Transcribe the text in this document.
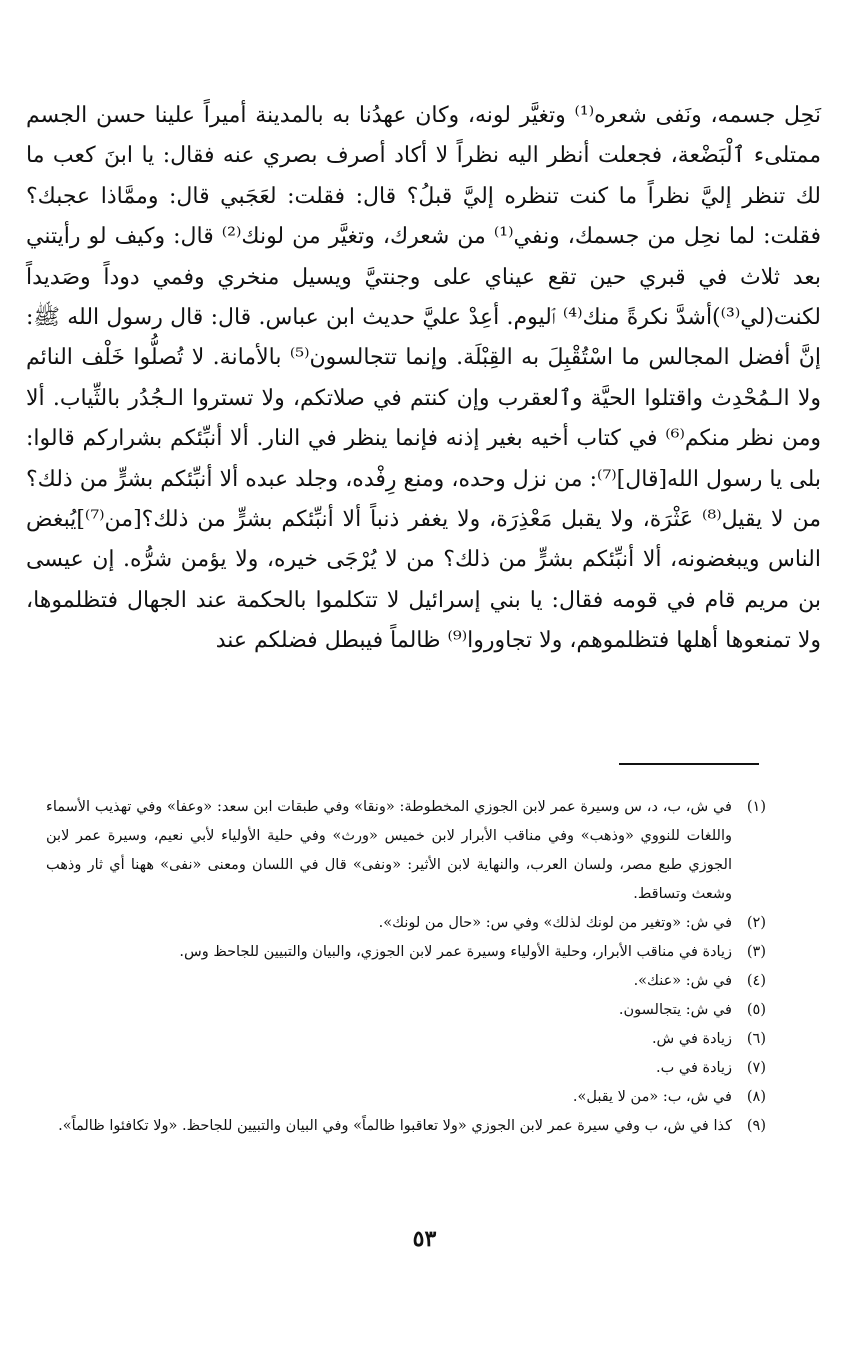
نَحِل جسمه، ونَفى شعره⁽¹⁾ وتغيَّر لونه، وكان عهدُنا به بالمدينة أميراً علينا حسن الجسم ممتلىء ٱلْبَضْعة، فجعلت أنظر اليه نظراً لا أكاد أصرف بصري عنه فقال: يا ابنَ كعب ما لك تنظر إليَّ نظراً ما كنت تنظره إليَّ قبلُ؟ قال: فقلت: لعَجَبي قال: وممَّاذا عجبك؟ فقلت: لما نحِل من جسمك، ونفي⁽¹⁾ من شعرك، وتغيَّر من لونك⁽²⁾ قال: وكيف لو رأيتني بعد ثلاث في قبري حين تقع عيناي على وجنتيَّ ويسيل منخري وفمي دوداً وصَديداً لكنت(لي⁽³⁾)أشدَّ نكرةً منك⁽⁴⁾ ٱليوم. أعِدْ عليَّ حديث ابن عباس. قال: قال رسول الله ﷺ: إنَّ أفضل المجالس ما اسْتُقْبِلَ به القِبْلَة. وإنما تتجالسون⁽⁵⁾ بالأمانة. لا تُصلُّوا خَلْف النائم ولا الـمُحْدِث واقتلوا الحيَّة وٱلعقرب وإن كنتم في صلاتكم، ولا تستروا الـجُدُر بالثِّياب. ألا ومن نظر منكم⁽⁶⁾ في كتاب أخيه بغير إذنه فإنما ينظر في النار. ألا أنبِّئكم بشراركم قالوا: بلى يا رسول الله[قال]⁽⁷⁾: من نزل وحده، ومنع رِفْده، وجلد عبده ألا أنبِّئكم بشرٍّ من ذلك؟ من لا يقيل⁽⁸⁾ عَثْرَة، ولا يقبل مَعْذِرَة، ولا يغفر ذنباً ألا أنبِّئكم بشرٍّ من ذلك؟[من⁽⁷⁾]يُبغض الناس ويبغضونه، ألا أنبِّئكم بشرٍّ من ذلك؟ من لا يُرْجَى خيره، ولا يؤمن شرُّه. إن عيسى بن مريم قام في قومه فقال: يا بني إسرائيل لا تتكلموا بالحكمة عند الجهال فتظلموها، ولا تمنعوها أهلها فتظلموهم، ولا تجاوروا⁽⁹⁾ ظالماً فيبطل فضلكم عند

(١)
في ش، ب، د، س وسيرة عمر لابن الجوزي المخطوطة: «ونقا» وفي طبقات ابن سعد: «وعفا» وفي تهذيب الأسماء واللغات للنووي «وذهب» وفي مناقب الأبرار لابن خميس «ورث» وفي حلية الأولياء لأبي نعيم، وسيرة عمر لابن الجوزي طبع مصر، ولسان العرب، والنهاية لابن الأثير: «ونفى» قال في اللسان ومعنى «نفى» ههنا أي ثار وذهب وشعث وتساقط.
(٢)
في ش: «وتغير من لونك لذلك» وفي س: «حال من لونك».
(٣)
زيادة في مناقب الأبرار، وحلية الأولياء وسيرة عمر لابن الجوزي، والبيان والتبيين للجاحظ وس.
(٤)
في ش: «عنك».
(٥)
في ش: يتجالسون.
(٦)
زيادة في ش.
(٧)
زيادة في ب.
(٨)
في ش، ب: «من لا يقبل».
(٩)
كذا في ش، ب وفي سيرة عمر لابن الجوزي «ولا تعاقبوا ظالماً» وفي البيان والتبيين للجاحظ. «ولا تكافئوا ظالماً».
٥٣
